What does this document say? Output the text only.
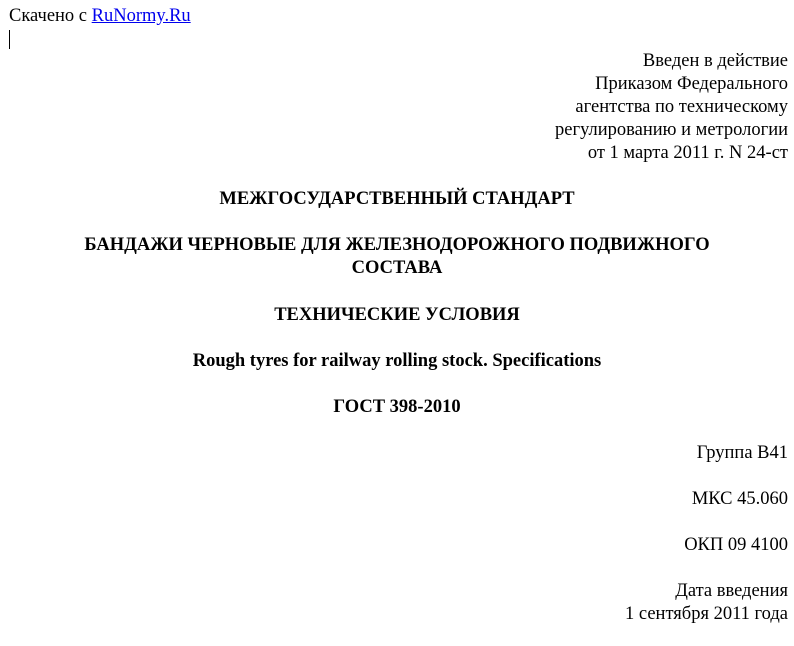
Скачено с RuNormy.Ru
Введен в действие
Приказом Федерального
агентства по техническому
регулированию и метрологии
от 1 марта 2011 г. N 24-ст
МЕЖГОСУДАРСТВЕННЫЙ СТАНДАРТ
БАНДАЖИ ЧЕРНОВЫЕ ДЛЯ ЖЕЛЕЗНОДОРОЖНОГО ПОДВИЖНОГО
СОСТАВА
ТЕХНИЧЕСКИЕ УСЛОВИЯ
Rough tyres for railway rolling stock. Specifications
ГОСТ 398-2010
Группа В41
МКС 45.060
ОКП 09 4100
Дата введения
1 сентября 2011 года
